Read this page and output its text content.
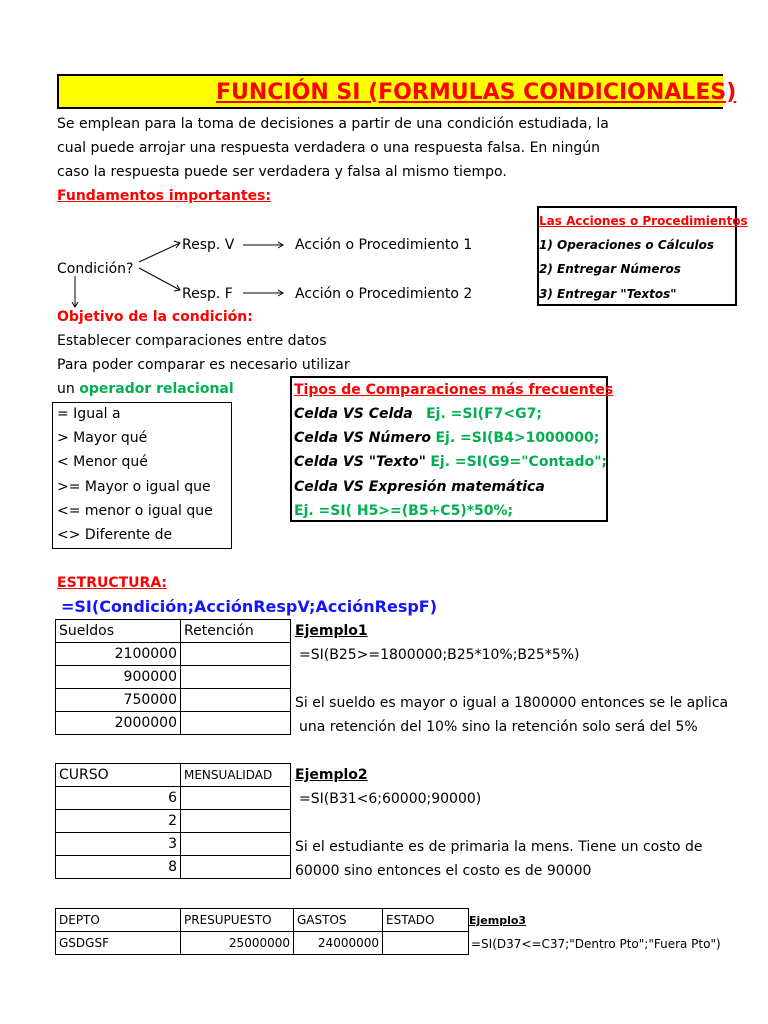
FUNCIÓN SI (FORMULAS CONDICIONALES)
Se emplean para la toma de decisiones a partir de una condición estudiada, la
cual puede arrojar una respuesta verdadera o una respuesta falsa. En ningún
caso la respuesta puede ser verdadera y falsa al mismo tiempo.
Fundamentos importantes:
Condición?
Resp. V
Resp. F
Acción o Procedimiento 1
Acción o Procedimiento 2
Las Acciones o Procedimientos
1) Operaciones o Cálculos
2) Entregar Números
3) Entregar "Textos"
Objetivo de la condición:
Establecer comparaciones entre datos
Para poder comparar es necesario utilizar
un operador relacional
= Igual a
> Mayor qué
< Menor qué
>= Mayor o igual que
<= menor o igual que
<> Diferente de
Tipos de Comparaciones más frecuentes
Celda VS Celda Ej. =SI(F7<G7;
Celda VS Número Ej. =SI(B4>1000000;
Celda VS "Texto" Ej. =SI(G9="Contado";
Celda VS Expresión matemática
Ej. =SI( H5>=(B5+C5)*50%;
ESTRUCTURA:
=SI(Condición;AcciónRespV;AcciónRespF)
Sueldos	Retención
2100000	
900000	
750000	
2000000	
Ejemplo1
=SI(B25>=1800000;B25*10%;B25*5%)
Si el sueldo es mayor o igual a 1800000 entonces se le aplica
una retención del 10% sino la retención solo será del 5%
CURSO	MENSUALIDAD
6	
2	
3	
8	
Ejemplo2
=SI(B31<6;60000;90000)
Si el estudiante es de primaria la mens. Tiene un costo de
60000 sino entonces el costo es de 90000
DEPTO	PRESUPUESTO	GASTOS	ESTADO
GSDGSF	25000000	24000000	
Ejemplo3
=SI(D37<=C37;"Dentro Pto";"Fuera Pto")
